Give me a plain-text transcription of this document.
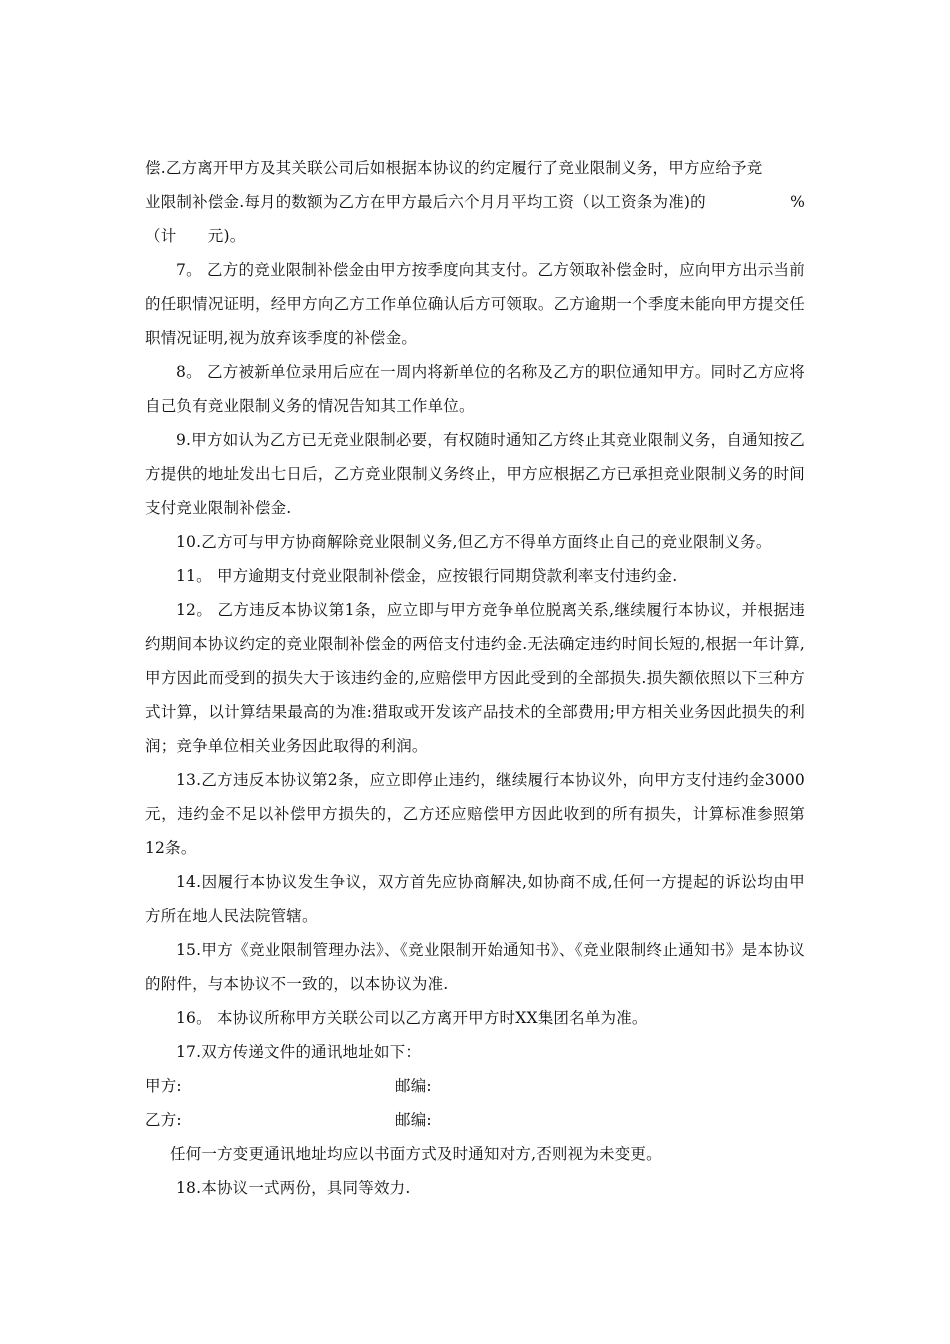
偿.乙方离开甲方及其关联公司后如根据本协议的约定履行了竞业限制义务，甲方应给予竞
业限制补偿金.每月的数额为乙方在甲方最后六个月月平均工资（以工资条为准)的	%
（计　　元)。

7。 乙方的竞业限制补偿金由甲方按季度向其支付。乙方领取补偿金时，应向甲方出示当前的任职情况证明，经甲方向乙方工作单位确认后方可领取。乙方逾期一个季度未能向甲方提交任职情况证明,视为放弃该季度的补偿金。

8。 乙方被新单位录用后应在一周内将新单位的名称及乙方的职位通知甲方。同时乙方应将自己负有竞业限制义务的情况告知其工作单位。

9.甲方如认为乙方已无竞业限制必要，有权随时通知乙方终止其竞业限制义务，自通知按乙方提供的地址发出七日后，乙方竞业限制义务终止，甲方应根据乙方已承担竞业限制义务的时间支付竞业限制补偿金.

10.乙方可与甲方协商解除竞业限制义务,但乙方不得单方面终止自己的竞业限制义务。

11。 甲方逾期支付竞业限制补偿金，应按银行同期贷款利率支付违约金.

12。 乙方违反本协议第1条，应立即与甲方竞争单位脱离关系,继续履行本协议，并根据违约期间本协议约定的竞业限制补偿金的两倍支付违约金.无法确定违约时间长短的,根据一年计算,甲方因此而受到的损失大于该违约金的,应赔偿甲方因此受到的全部损失.损失额依照以下三种方式计算，以计算结果最高的为准:猎取或开发该产品技术的全部费用;甲方相关业务因此损失的利润；竞争单位相关业务因此取得的利润。

13.乙方违反本协议第2条，应立即停止违约，继续履行本协议外，向甲方支付违约金3000元，违约金不足以补偿甲方损失的，乙方还应赔偿甲方因此收到的所有损失，计算标准参照第12条。

14.因履行本协议发生争议，双方首先应协商解决,如协商不成,任何一方提起的诉讼均由甲方所在地人民法院管辖。

15.甲方《竞业限制管理办法》、《竞业限制开始通知书》、《竞业限制终止通知书》是本协议的附件，与本协议不一致的，以本协议为准.

16。 本协议所称甲方关联公司以乙方离开甲方时XX集团名单为准。

17.双方传递文件的通讯地址如下：

甲方:	邮编:
乙方:	邮编:

任何一方变更通讯地址均应以书面方式及时通知对方,否则视为未变更。

18.本协议一式两份，具同等效力.
